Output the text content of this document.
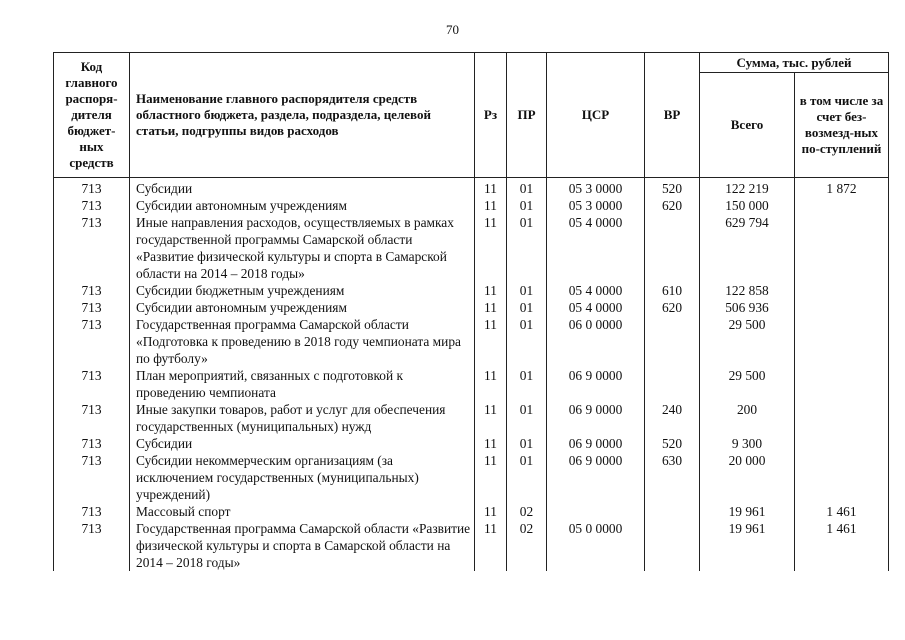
70
Код главного распоря-дителя бюджет-ных средств	Наименование главного распорядителя средств областного бюджета, раздела, подраздела, целевой статьи, подгруппы видов расходов	Рз	ПР	ЦСР	ВР	Сумма, тыс. рублей	
						Всего	в том числе за счет без-возмезд-ных по-ступлений
713	Субсидии	11	01	05 3 0000	520	122 219	1 872
713	Субсидии автономным учреждениям	11	01	05 3 0000	620	150 000	
713	Иные направления расходов, осуществляемых в рамках государственной программы Самарской области «Развитие физической культуры и спорта в Самарской области на 2014 – 2018 годы»	11	01	05 4 0000		629 794	
713	Субсидии бюджетным учреждениям	11	01	05 4 0000	610	122 858	
713	Субсидии автономным учреждениям	11	01	05 4 0000	620	506 936	
713	Государственная программа Самарской области «Подготовка к проведению в 2018 году чемпионата мира по футболу»	11	01	06 0 0000		29 500	
713	План мероприятий, связанных с подготовкой к проведению чемпионата	11	01	06 9 0000		29 500	
713	Иные закупки товаров, работ и услуг для обеспечения государственных (муниципальных) нужд	11	01	06 9 0000	240	200	
713	Субсидии	11	01	06 9 0000	520	9 300	
713	Субсидии некоммерческим организациям (за исключением государственных (муниципальных) учреждений)	11	01	06 9 0000	630	20 000	
713	Массовый спорт	11	02			19 961	1 461
713	Государственная программа Самарской области «Развитие физической культуры и спорта в Самарской области на 2014 – 2018 годы»	11	02	05 0 0000		19 961	1 461
